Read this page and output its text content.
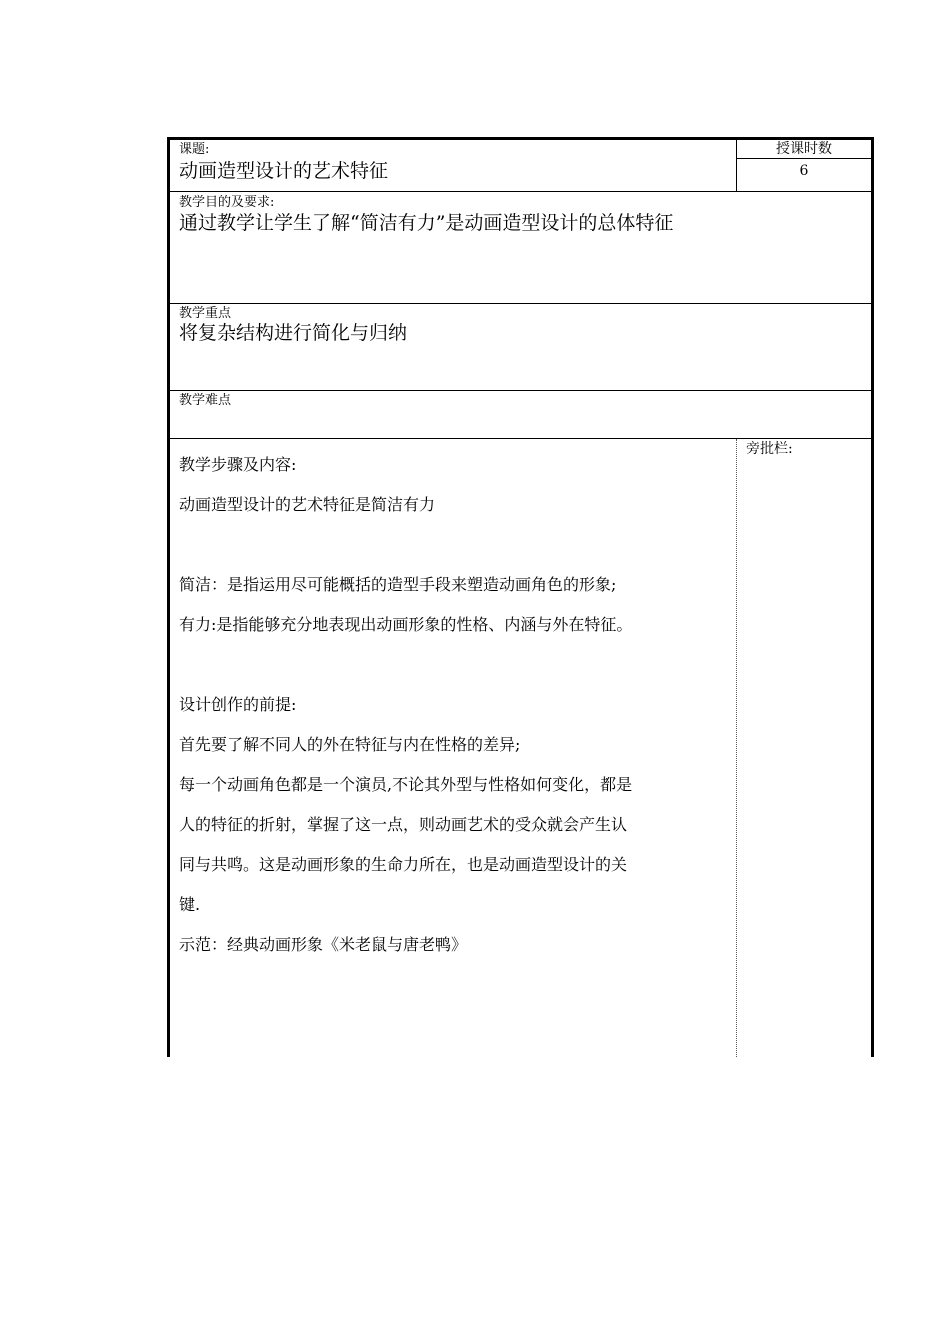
课题:
动画造型设计的艺术特征
授课时数
6
教学目的及要求:
通过教学让学生了解“简洁有力”是动画造型设计的总体特征
教学重点
将复杂结构进行简化与归纳
教学难点

教学步骤及内容:

动画造型设计的艺术特征是简洁有力

简洁：是指运用尽可能概括的造型手段来塑造动画角色的形象;

有力:是指能够充分地表现出动画形象的性格、内涵与外在特征。

设计创作的前提:

首先要了解不同人的外在特征与内在性格的差异;

每一个动画角色都是一个演员,不论其外型与性格如何变化，都是

人的特征的折射，掌握了这一点，则动画艺术的受众就会产生认

同与共鸣。这是动画形象的生命力所在，也是动画造型设计的关

键.

示范：经典动画形象《米老鼠与唐老鸭》

旁批栏:
